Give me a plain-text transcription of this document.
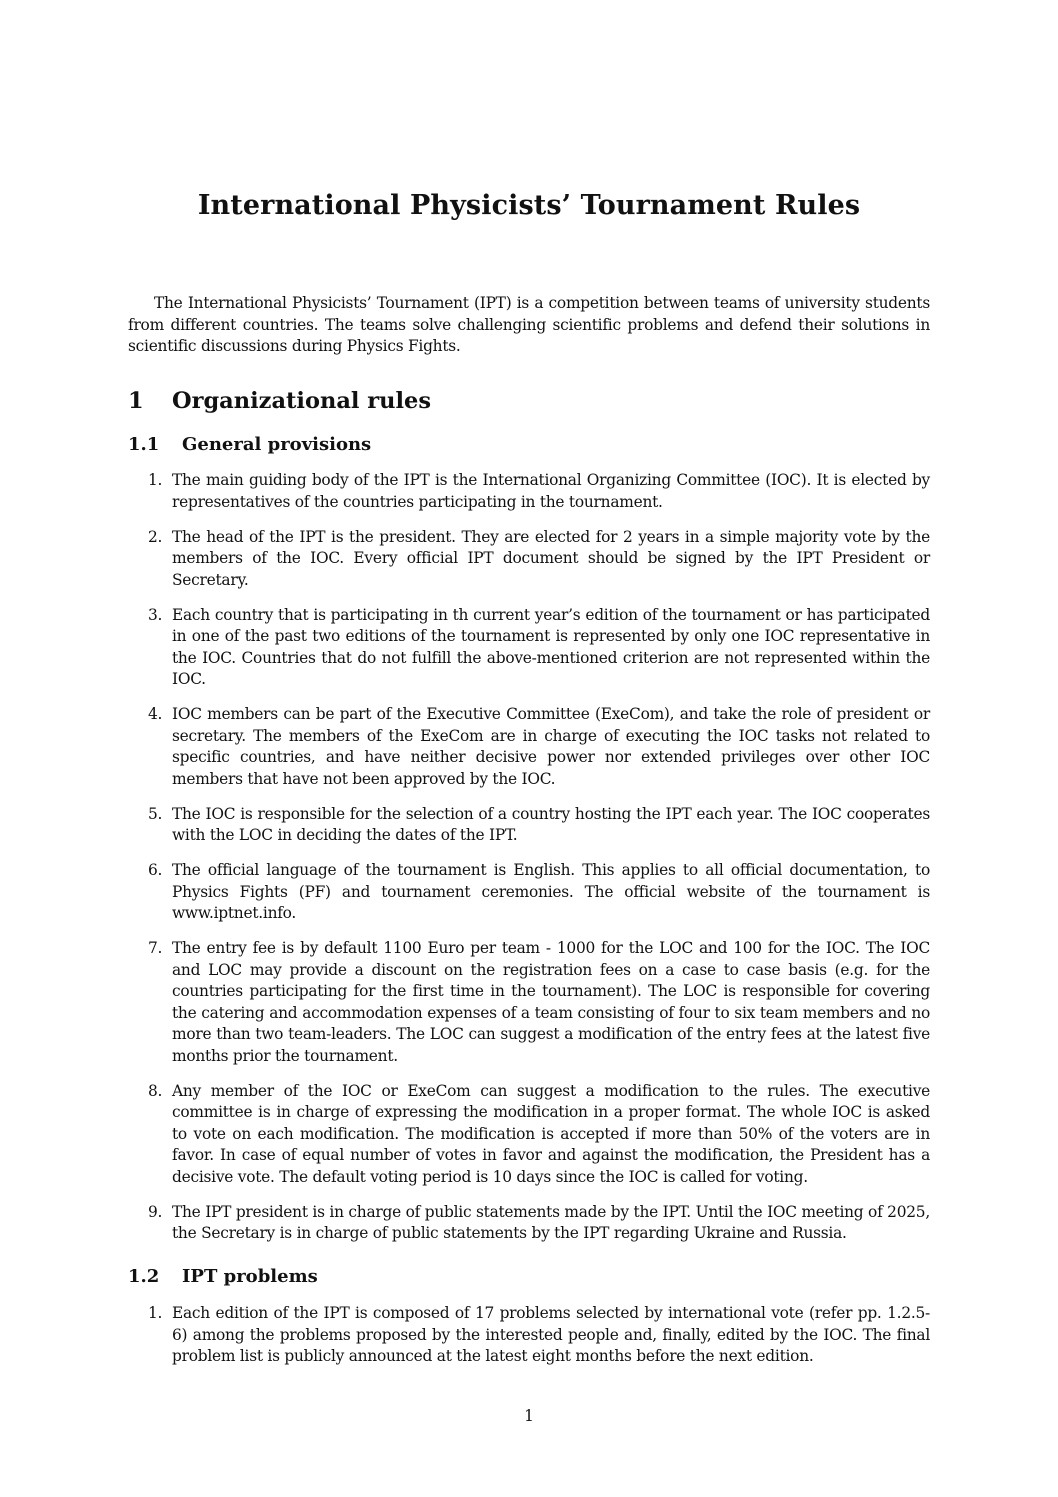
International Physicists’ Tournament Rules

The International Physicists’ Tournament (IPT) is a competition between teams of university students from different countries. The teams solve challenging scientific problems and defend their solutions in scientific discussions during Physics Fights.

1 Organizational rules
1.1 General provisions
1. The main guiding body of the IPT is the International Organizing Committee (IOC). It is elected by representatives of the countries participating in the tournament.
2. The head of the IPT is the president. They are elected for 2 years in a simple majority vote by the members of the IOC. Every official IPT document should be signed by the IPT President or Secretary.
3. Each country that is participating in th current year’s edition of the tournament or has participated in one of the past two editions of the tournament is represented by only one IOC representative in the IOC. Countries that do not fulfill the above-mentioned criterion are not represented within the IOC.
4. IOC members can be part of the Executive Committee (ExeCom), and take the role of president or secretary. The members of the ExeCom are in charge of executing the IOC tasks not related to specific countries, and have neither decisive power nor extended privileges over other IOC members that have not been approved by the IOC.
5. The IOC is responsible for the selection of a country hosting the IPT each year. The IOC cooperates with the LOC in deciding the dates of the IPT.
6. The official language of the tournament is English. This applies to all official documentation, to Physics Fights (PF) and tournament ceremonies. The official website of the tournament is www.iptnet.info.
7. The entry fee is by default 1100 Euro per team - 1000 for the LOC and 100 for the IOC. The IOC and LOC may provide a discount on the registration fees on a case to case basis (e.g. for the countries participating for the first time in the tournament). The LOC is responsible for covering the catering and accommodation expenses of a team consisting of four to six team members and no more than two team-leaders. The LOC can suggest a modification of the entry fees at the latest five months prior the tournament.
8. Any member of the IOC or ExeCom can suggest a modification to the rules. The executive committee is in charge of expressing the modification in a proper format. The whole IOC is asked to vote on each modification. The modification is accepted if more than 50% of the voters are in favor. In case of equal number of votes in favor and against the modification, the President has a decisive vote. The default voting period is 10 days since the IOC is called for voting.
9. The IPT president is in charge of public statements made by the IPT. Until the IOC meeting of 2025, the Secretary is in charge of public statements by the IPT regarding Ukraine and Russia.
1.2 IPT problems
1. Each edition of the IPT is composed of 17 problems selected by international vote (refer pp. 1.2.5-6) among the problems proposed by the interested people and, finally, edited by the IOC. The final problem list is publicly announced at the latest eight months before the next edition.
1
